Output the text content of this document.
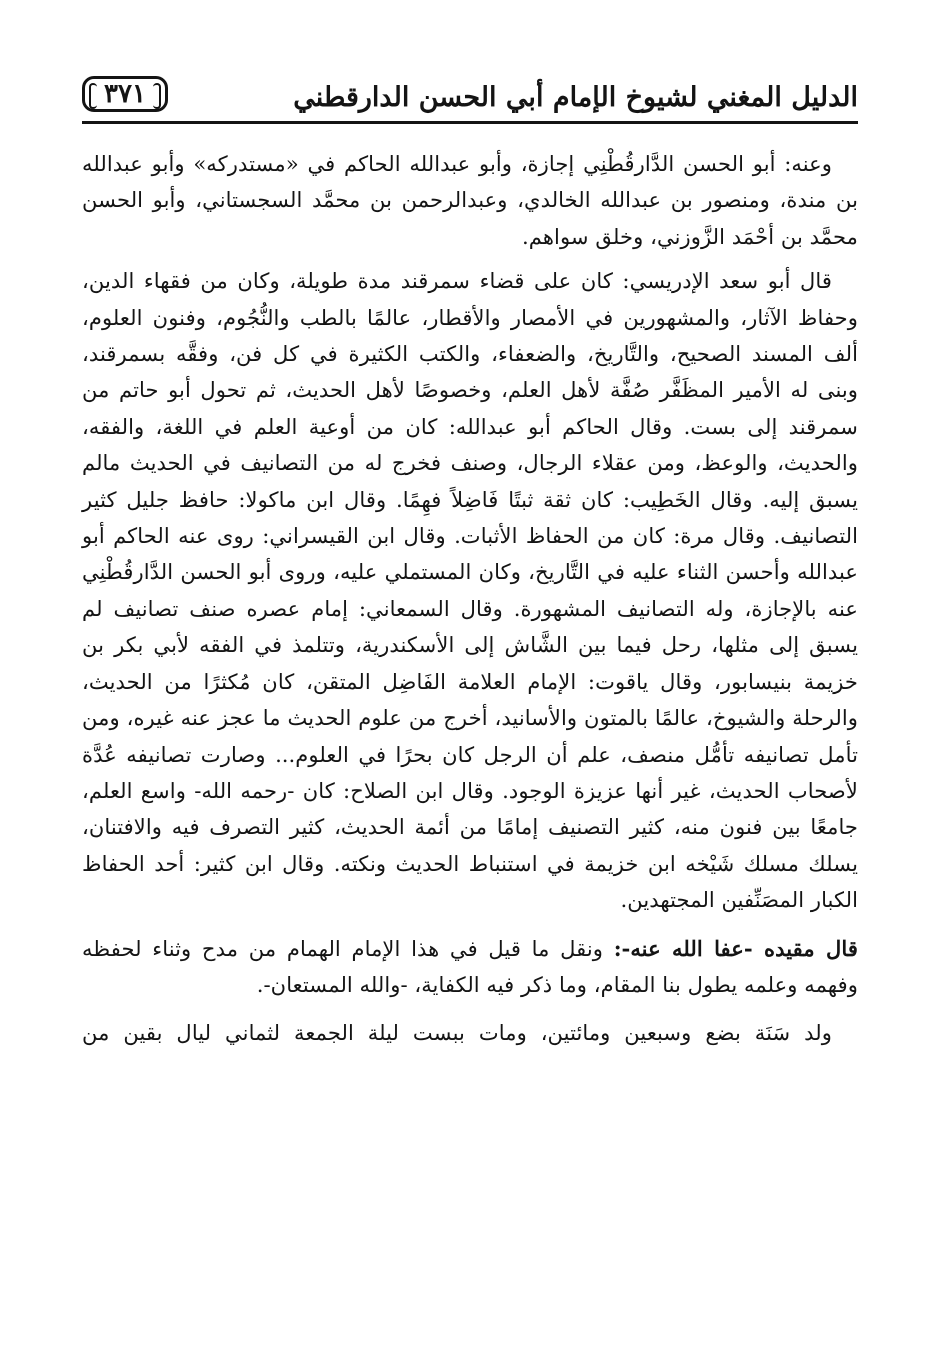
الدليل المغني لشيوخ الإمام أبي الحسن الدارقطني
٣٧١

وعنه: أبو الحسن الدَّارقُطْنِي إجازة، وأبو عبدالله الحاكم في «مستدركه» وأبو عبدالله بن مندة، ومنصور بن عبدالله الخالدي، وعبدالرحمن بن محمَّد السجستاني، وأبو الحسن محمَّد بن أحْمَد الزَّوزني، وخلق سواهم.

قال أبو سعد الإدريسي: كان على قضاء سمرقند مدة طويلة، وكان من فقهاء الدين، وحفاظ الآثار، والمشهورين في الأمصار والأقطار، عالمًا بالطب والنُّجُوم، وفنون العلوم، ألف المسند الصحيح، والتَّاريخ، والضعفاء، والكتب الكثيرة في كل فن، وفقَّه بسمرقند، وبنى له الأمير المظَفَّر صُفَّة لأهل العلم، وخصوصًا لأهل الحديث، ثم تحول أبو حاتم من سمرقند إلى بست. وقال الحاكم أبو عبدالله: كان من أوعية العلم في اللغة، والفقه، والحديث، والوعظ، ومن عقلاء الرجال، وصنف فخرج له من التصانيف في الحديث مالم يسبق إليه. وقال الخَطِيب: كان ثقة ثبتًا فَاضِلاً فهِمًا. وقال ابن ماكولا: حافظ جليل كثير التصانيف. وقال مرة: كان من الحفاظ الأثبات. وقال ابن القيسراني: روى عنه الحاكم أبو عبدالله وأحسن الثناء عليه في التَّاريخ، وكان المستملي عليه، وروى أبو الحسن الدَّارقُطْنِي عنه بالإجازة، وله التصانيف المشهورة. وقال السمعاني: إمام عصره صنف تصانيف لم يسبق إلى مثلها، رحل فيما بين الشَّاش إلى الأسكندرية، وتتلمذ في الفقه لأبي بكر بن خزيمة بنيسابور، وقال ياقوت: الإمام العلامة الفَاضِل المتقن، كان مُكثرًا من الحديث، والرحلة والشيوخ، عالمًا بالمتون والأسانيد، أخرج من علوم الحديث ما عجز عنه غيره، ومن تأمل تصانيفه تأمُّل منصف، علم أن الرجل كان بحرًا في العلوم... وصارت تصانيفه عُدَّة لأصحاب الحديث، غير أنها عزيزة الوجود. وقال ابن الصلاح: كان -رحمه الله- واسع العلم، جامعًا بين فنون منه، كثير التصنيف إمامًا من أئمة الحديث، كثير التصرف فيه والافتنان، يسلك مسلك شَيْخه ابن خزيمة في استنباط الحديث ونكته. وقال ابن كثير: أحد الحفاظ الكبار المصَنِّفين المجتهدين.

قال مقيده -عفا الله عنه-: ونقل ما قيل في هذا الإمام الهمام من مدح وثناء لحفظه وفهمه وعلمه يطول بنا المقام، وما ذكر فيه الكفاية، -والله المستعان-.

ولد سَنَة بضع وسبعين ومائتين، ومات ببست ليلة الجمعة لثماني ليال بقين من
